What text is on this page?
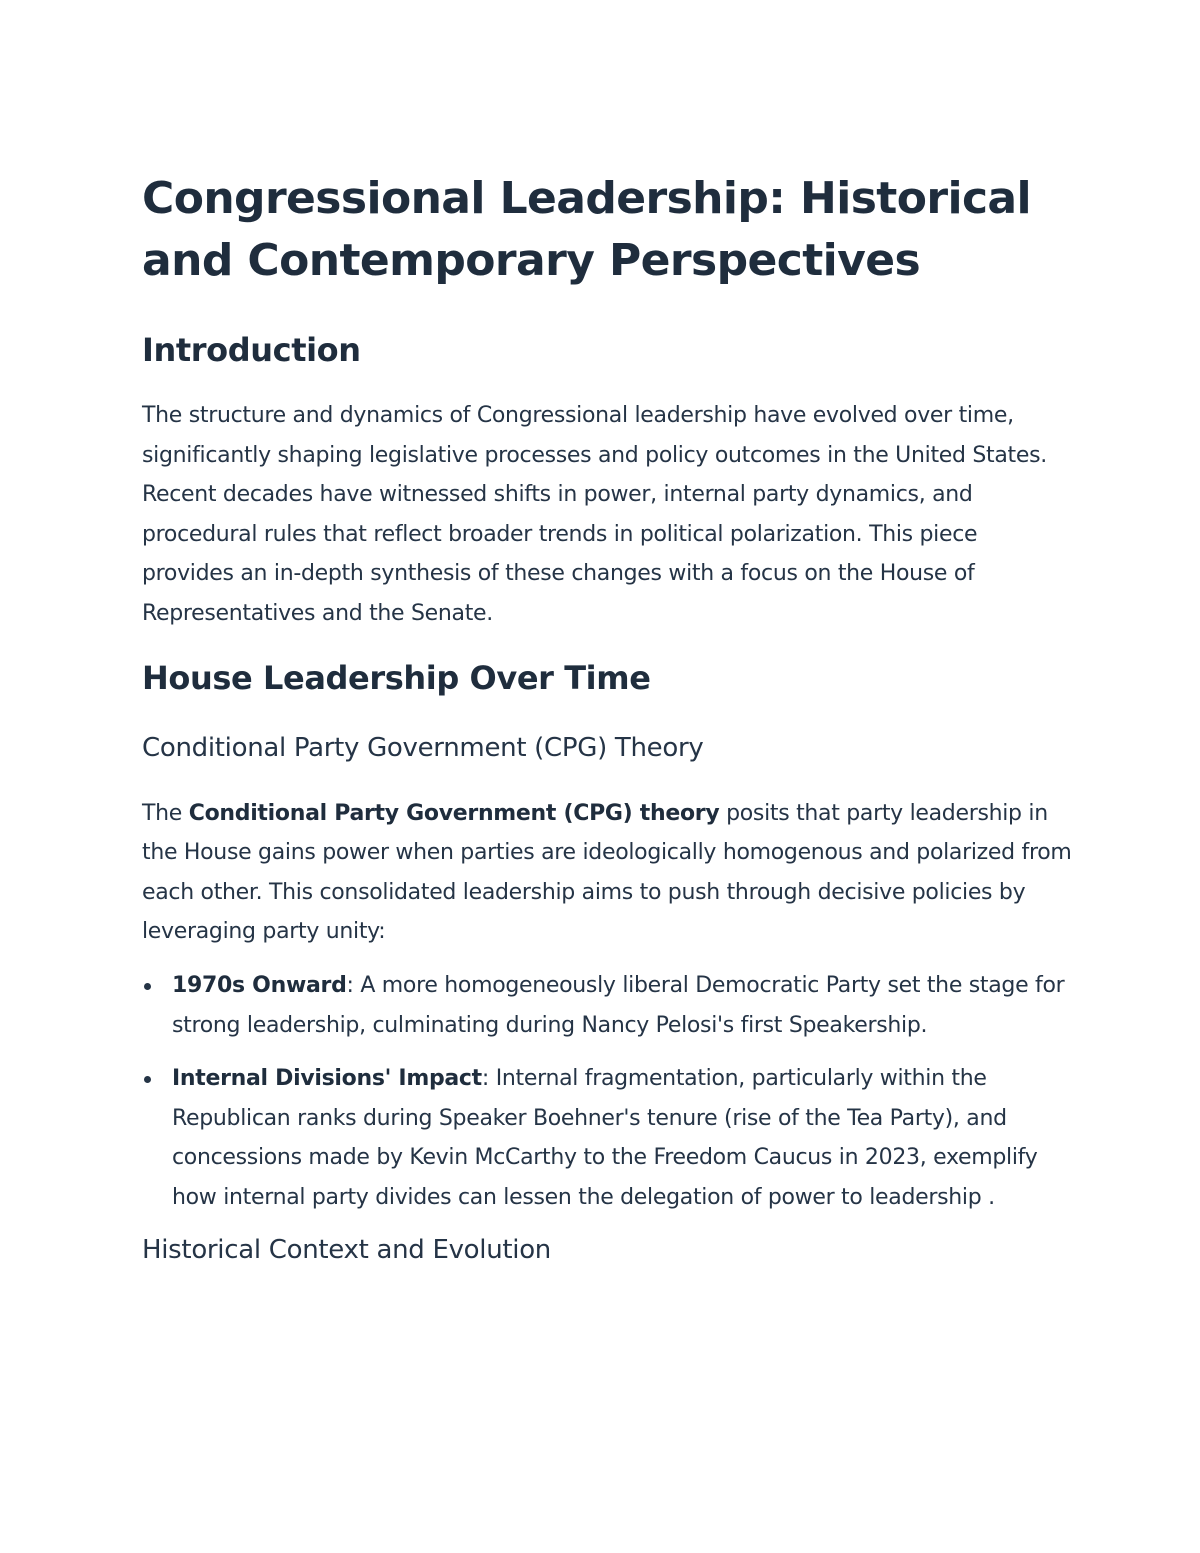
Congressional Leadership: Historical and Contemporary Perspectives
Introduction

The structure and dynamics of Congressional leadership have evolved over time, significantly shaping legislative processes and policy outcomes in the United States. Recent decades have witnessed shifts in power, internal party dynamics, and procedural rules that reflect broader trends in political polarization. This piece provides an in-depth synthesis of these changes with a focus on the House of Representatives and the Senate.

House Leadership Over Time
Conditional Party Government (CPG) Theory

The Conditional Party Government (CPG) theory posits that party leadership in the House gains power when parties are ideologically homogenous and polarized from each other. This consolidated leadership aims to push through decisive policies by leveraging party unity:

1970s Onward: A more homogeneously liberal Democratic Party set the stage for strong leadership, culminating during Nancy Pelosi's first Speakership.
Internal Divisions' Impact: Internal fragmentation, particularly within the Republican ranks during Speaker Boehner's tenure (rise of the Tea Party), and concessions made by Kevin McCarthy to the Freedom Caucus in 2023, exemplify how internal party divides can lessen the delegation of power to leadership .
Historical Context and Evolution
